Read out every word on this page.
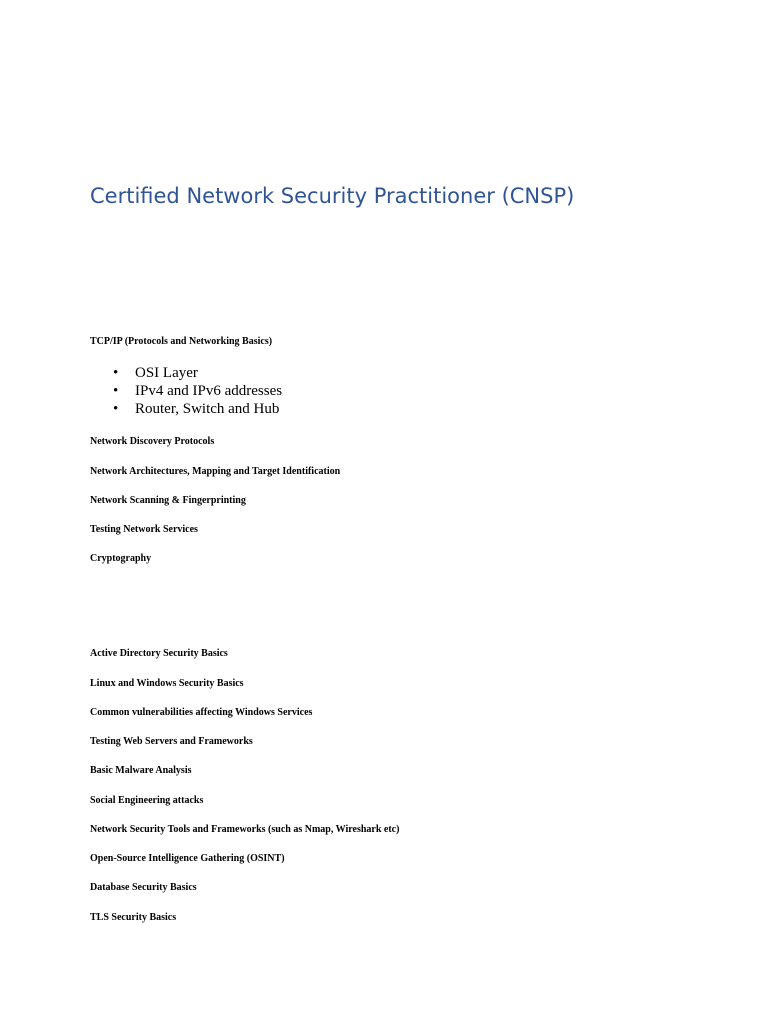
Certified Network Security Practitioner (CNSP)

TCP/IP (Protocols and Networking Basics)

•	OSI Layer
•	IPv4 and IPv6 addresses
•	Router, Switch and Hub

Network Discovery Protocols

Network Architectures, Mapping and Target Identification

Network Scanning & Fingerprinting

Testing Network Services

Cryptography

Active Directory Security Basics

Linux and Windows Security Basics

Common vulnerabilities affecting Windows Services

Testing Web Servers and Frameworks

Basic Malware Analysis

Social Engineering attacks

Network Security Tools and Frameworks (such as Nmap, Wireshark etc)

Open-Source Intelligence Gathering (OSINT)

Database Security Basics

TLS Security Basics
